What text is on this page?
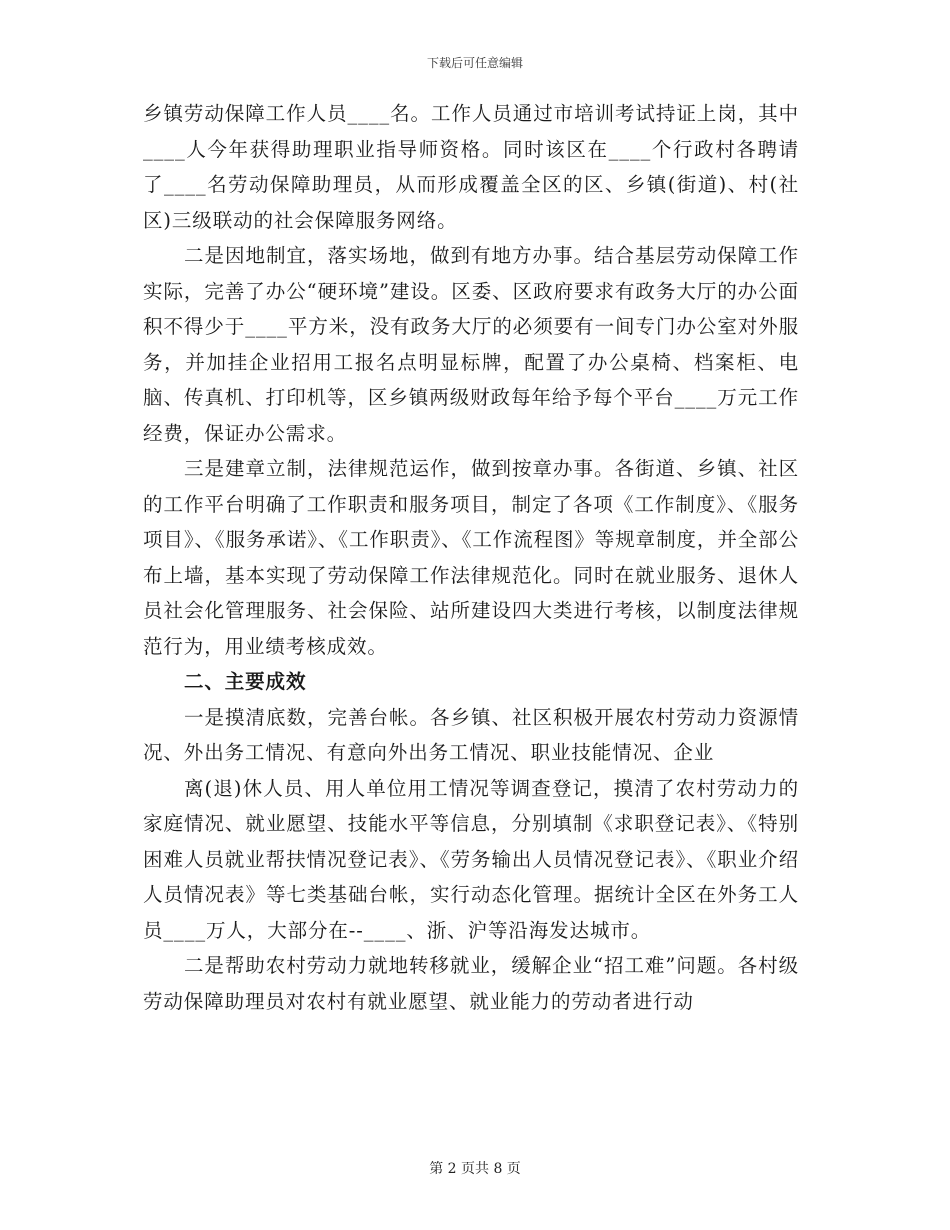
下载后可任意编辑

乡镇劳动保障工作人员____名。工作人员通过市培训考试持证上岗，其中____人今年获得助理职业指导师资格。同时该区在____个行政村各聘请了____名劳动保障助理员，从而形成覆盖全区的区、乡镇(街道)、村(社区)三级联动的社会保障服务网络。

二是因地制宜，落实场地，做到有地方办事。结合基层劳动保障工作实际，完善了办公“硬环境”建设。区委、区政府要求有政务大厅的办公面积不得少于____平方米，没有政务大厅的必须要有一间专门办公室对外服务，并加挂企业招用工报名点明显标牌，配置了办公桌椅、档案柜、电脑、传真机、打印机等，区乡镇两级财政每年给予每个平台____万元工作经费，保证办公需求。

三是建章立制，法律规范运作，做到按章办事。各街道、乡镇、社区的工作平台明确了工作职责和服务项目，制定了各项《工作制度》、《服务项目》、《服务承诺》、《工作职责》、《工作流程图》等规章制度，并全部公布上墙，基本实现了劳动保障工作法律规范化。同时在就业服务、退休人员社会化管理服务、社会保险、站所建设四大类进行考核，以制度法律规范行为，用业绩考核成效。

二、主要成效

一是摸清底数，完善台帐。各乡镇、社区积极开展农村劳动力资源情况、外出务工情况、有意向外出务工情况、职业技能情况、企业

离(退)休人员、用人单位用工情况等调查登记，摸清了农村劳动力的家庭情况、就业愿望、技能水平等信息，分别填制《求职登记表》、《特别困难人员就业帮扶情况登记表》、《劳务输出人员情况登记表》、《职业介绍人员情况表》等七类基础台帐，实行动态化管理。据统计全区在外务工人员____万人，大部分在--____、浙、沪等沿海发达城市。

二是帮助农村劳动力就地转移就业，缓解企业“招工难”问题。各村级劳动保障助理员对农村有就业愿望、就业能力的劳动者进行动

第 2 页共 8 页
